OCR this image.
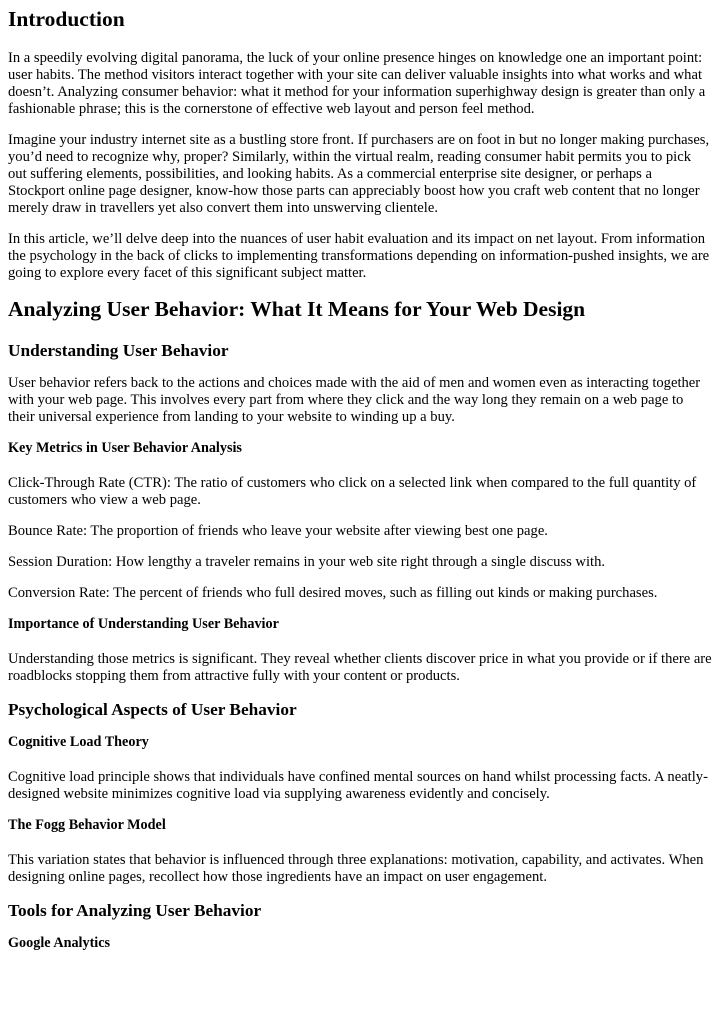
Introduction

In a speedily evolving digital panorama, the luck of your online presence hinges on knowledge one an important point: user habits. The method visitors interact together with your site can deliver valuable insights into what works and what doesn’t. Analyzing consumer behavior: what it method for your information superhighway design is greater than only a fashionable phrase; this is the cornerstone of effective web layout and person feel method.

Imagine your industry internet site as a bustling store front. If purchasers are on foot in but no longer making purchases, you’d need to recognize why, proper? Similarly, within the virtual realm, reading consumer habit permits you to pick out suffering elements, possibilities, and looking habits. As a commercial enterprise site designer, or perhaps a Stockport online page designer, know-how those parts can appreciably boost how you craft web content that no longer merely draw in travellers yet also convert them into unswerving clientele.

In this article, we’ll delve deep into the nuances of user habit evaluation and its impact on net layout. From information the psychology in the back of clicks to implementing transformations depending on information-pushed insights, we are going to explore every facet of this significant subject matter.

Analyzing User Behavior: What It Means for Your Web Design
Understanding User Behavior

User behavior refers back to the actions and choices made with the aid of men and women even as interacting together with your web page. This involves every part from where they click and the way long they remain on a web page to their universal experience from landing to your website to winding up a buy.

Key Metrics in User Behavior Analysis

Click-Through Rate (CTR): The ratio of customers who click on a selected link when compared to the full quantity of customers who view a web page.

Bounce Rate: The proportion of friends who leave your website after viewing best one page.

Session Duration: How lengthy a traveler remains in your web site right through a single discuss with.

Conversion Rate: The percent of friends who full desired moves, such as filling out kinds or making purchases.

Importance of Understanding User Behavior

Understanding those metrics is significant. They reveal whether clients discover price in what you provide or if there are roadblocks stopping them from attractive fully with your content or products.

Psychological Aspects of User Behavior
Cognitive Load Theory

Cognitive load principle shows that individuals have confined mental sources on hand whilst processing facts. A neatly-designed website minimizes cognitive load via supplying awareness evidently and concisely.

The Fogg Behavior Model

This variation states that behavior is influenced through three explanations: motivation, capability, and activates. When designing online pages, recollect how those ingredients have an impact on user engagement.

Tools for Analyzing User Behavior
Google Analytics
